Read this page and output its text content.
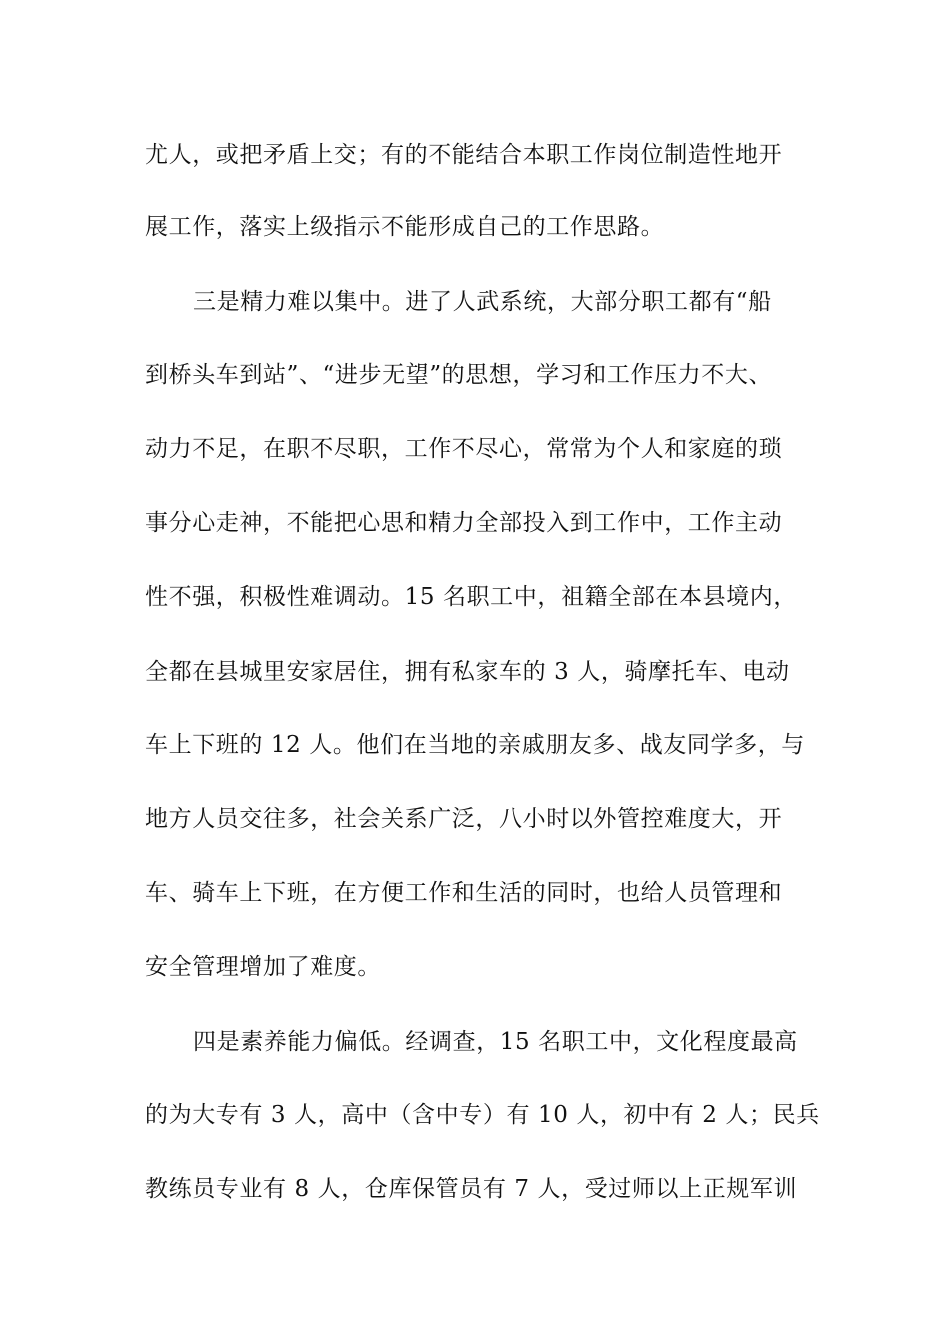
尤人，或把矛盾上交；有的不能结合本职工作岗位制造性地开
展工作，落实上级指示不能形成自己的工作思路。
三是精力难以集中。进了人武系统，大部分职工都有“船
到桥头车到站”、“进步无望”的思想，学习和工作压力不大、
动力不足，在职不尽职，工作不尽心，常常为个人和家庭的琐
事分心走神，不能把心思和精力全部投入到工作中，工作主动
性不强，积极性难调动。15 名职工中，祖籍全部在本县境内，
全都在县城里安家居住，拥有私家车的 3 人，骑摩托车、电动
车上下班的 12 人。他们在当地的亲戚朋友多、战友同学多，与
地方人员交往多，社会关系广泛，八小时以外管控难度大，开
车、骑车上下班，在方便工作和生活的同时，也给人员管理和
安全管理增加了难度。
四是素养能力偏低。经调查，15 名职工中，文化程度最高
的为大专有 3 人，高中（含中专）有 10 人，初中有 2 人；民兵
教练员专业有 8 人，仓库保管员有 7 人，受过师以上正规军训
